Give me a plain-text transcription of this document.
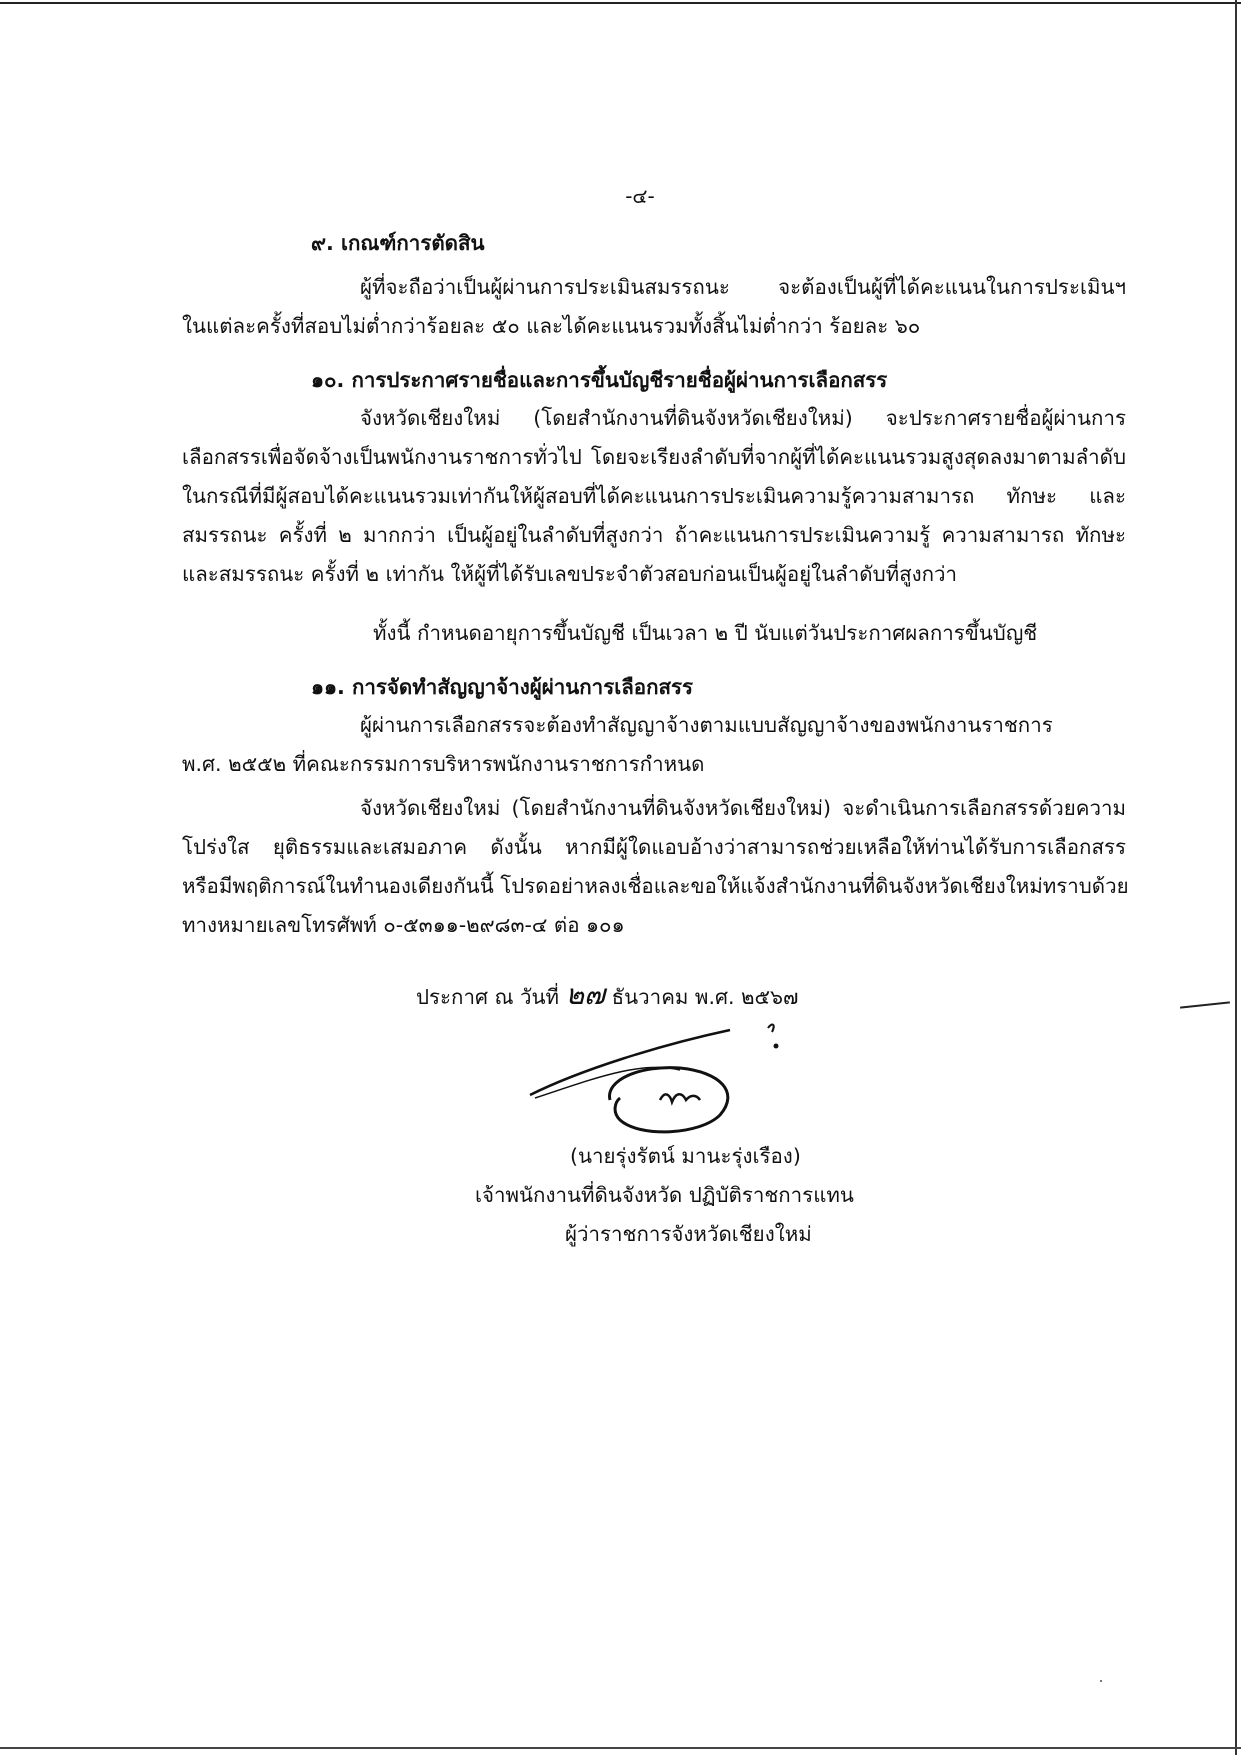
-๔-
๙. เกณฑ์การตัดสิน
ผู้ที่จะถือว่าเป็นผู้ผ่านการประเมินสมรรถนะ จะต้องเป็นผู้ที่ได้คะแนนในการประเมินฯ
ในแต่ละครั้งที่สอบไม่ต่ำกว่าร้อยละ ๕๐ และได้คะแนนรวมทั้งสิ้นไม่ต่ำกว่า ร้อยละ ๖๐
๑๐. การประกาศรายชื่อและการขึ้นบัญชีรายชื่อผู้ผ่านการเลือกสรร
จังหวัดเชียงใหม่ (โดยสำนักงานที่ดินจังหวัดเชียงใหม่) จะประกาศรายชื่อผู้ผ่านการ
เลือกสรรเพื่อจัดจ้างเป็นพนักงานราชการทั่วไป โดยจะเรียงลำดับที่จากผู้ที่ได้คะแนนรวมสูงสุดลงมาตามลำดับ
ในกรณีที่มีผู้สอบได้คะแนนรวมเท่ากันให้ผู้สอบที่ได้คะแนนการประเมินความรู้ความสามารถ ทักษะ และ
สมรรถนะ ครั้งที่ ๒ มากกว่า เป็นผู้อยู่ในลำดับที่สูงกว่า ถ้าคะแนนการประเมินความรู้ ความสามารถ ทักษะ
และสมรรถนะ ครั้งที่ ๒ เท่ากัน ให้ผู้ที่ได้รับเลขประจำตัวสอบก่อนเป็นผู้อยู่ในลำดับที่สูงกว่า
ทั้งนี้ กำหนดอายุการขึ้นบัญชี เป็นเวลา ๒ ปี นับแต่วันประกาศผลการขึ้นบัญชี
๑๑. การจัดทำสัญญาจ้างผู้ผ่านการเลือกสรร
ผู้ผ่านการเลือกสรรจะต้องทำสัญญาจ้างตามแบบสัญญาจ้างของพนักงานราชการ
พ.ศ. ๒๕๕๒ ที่คณะกรรมการบริหารพนักงานราชการกำหนด
จังหวัดเชียงใหม่ (โดยสำนักงานที่ดินจังหวัดเชียงใหม่) จะดำเนินการเลือกสรรด้วยความ
โปร่งใส ยุติธรรมและเสมอภาค ดังนั้น หากมีผู้ใดแอบอ้างว่าสามารถช่วยเหลือให้ท่านได้รับการเลือกสรร
หรือมีพฤติการณ์ในทำนองเดียงกันนี้ โปรดอย่าหลงเชื่อและขอให้แจ้งสำนักงานที่ดินจังหวัดเชียงใหม่ทราบด้วย
ทางหมายเลขโทรศัพท์ ๐-๕๓๑๑-๒๙๘๓-๔ ต่อ ๑๐๑
ประกาศ ณ วันที่ ๒๗ ธันวาคม พ.ศ. ๒๕๖๗
(นายรุ่งรัตน์ มานะรุ่งเรือง)
เจ้าพนักงานที่ดินจังหวัด ปฏิบัติราชการแทน
ผู้ว่าราชการจังหวัดเชียงใหม่
